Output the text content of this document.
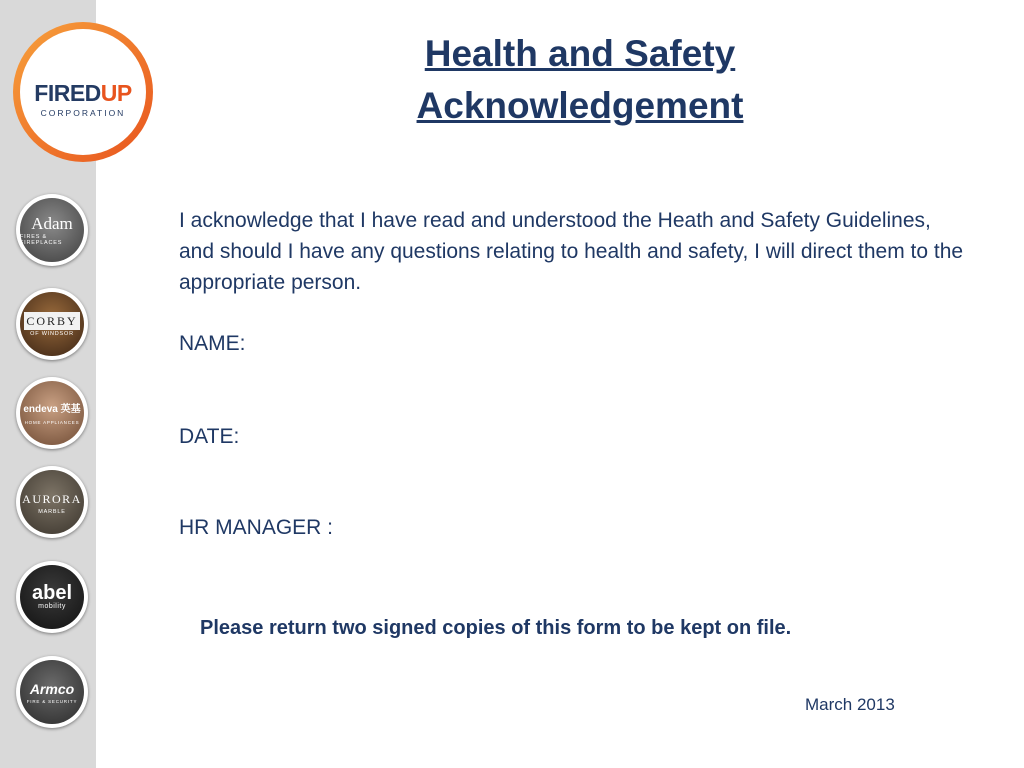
FIREDUP
CORPORATION
Adam
FIRES & FIREPLACES
CORBY
OF WINDSOR
endeva 英基
HOME APPLIANCES
AURORA
MARBLE
abel
mobility
Armco
FIRE & SECURITY
Health and Safety
Acknowledgement
I acknowledge that I have read and understood the Heath and Safety Guidelines, and should I have any questions relating to health and safety, I will direct them to the appropriate person.
NAME:
DATE:
HR MANAGER :
Please return two signed copies of this form to be kept on file.
March 2013
